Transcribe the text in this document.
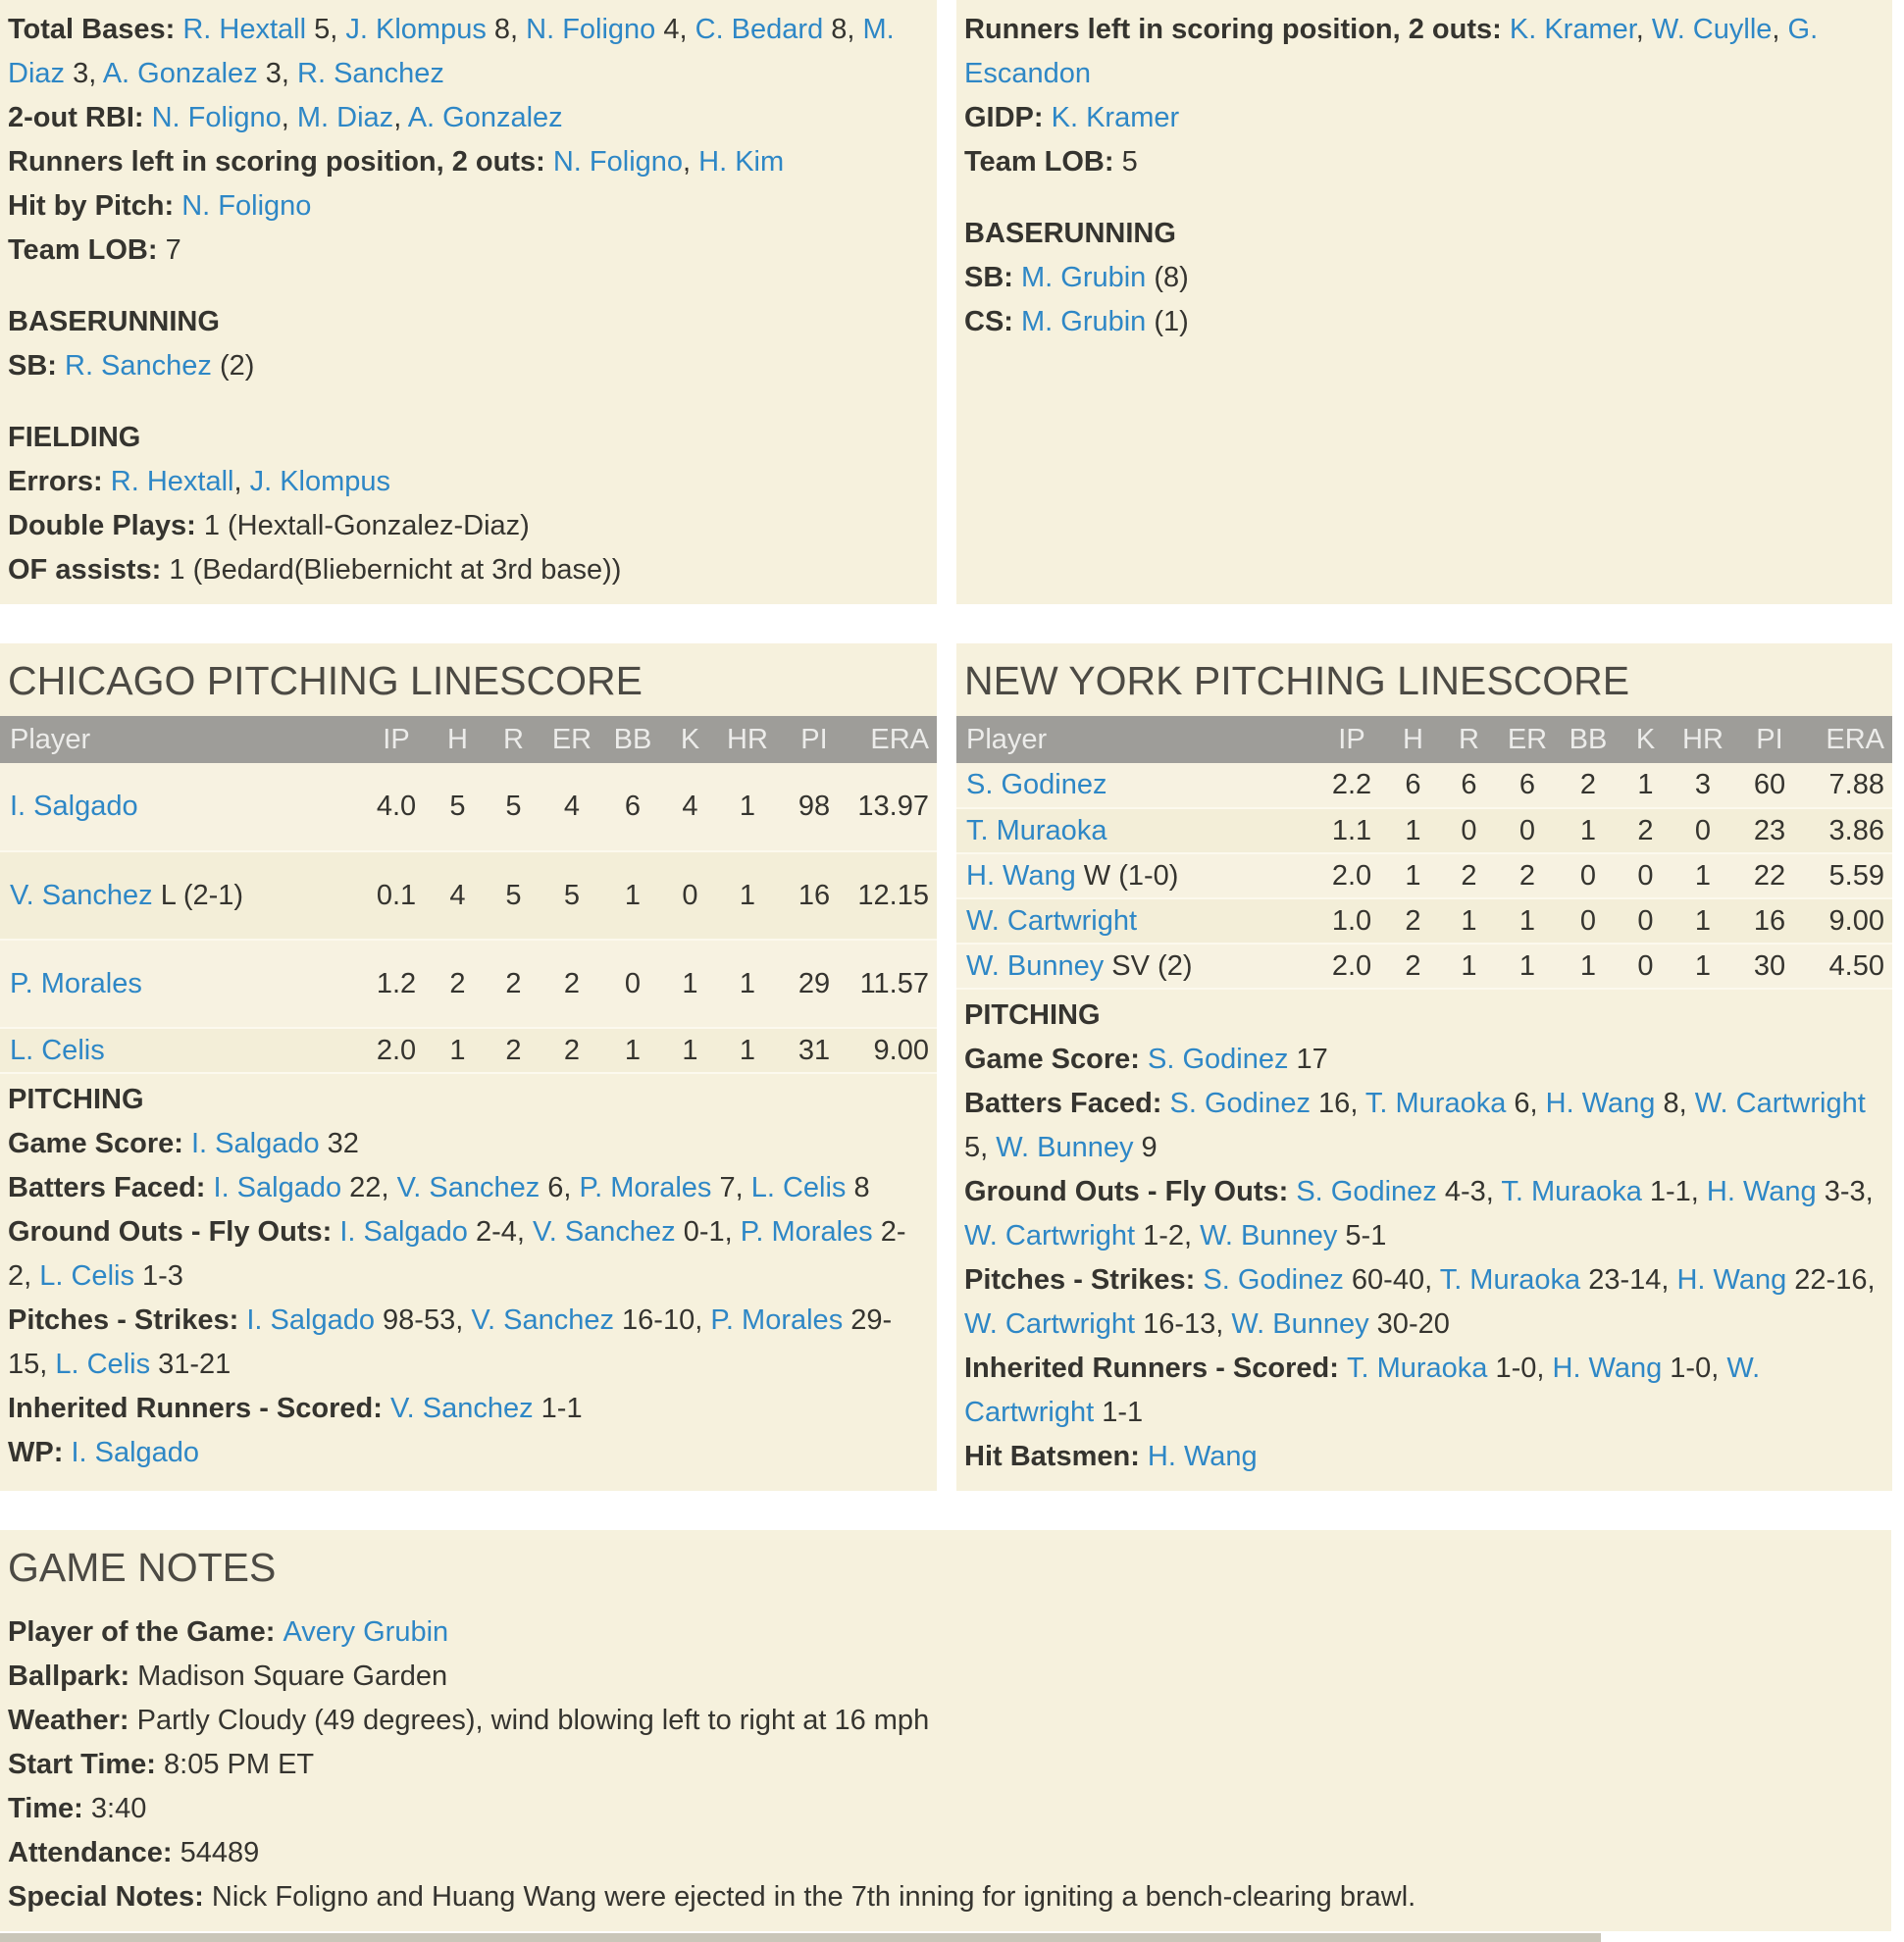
Total Bases: R. Hextall 5, J. Klompus 8, N. Foligno 4, C. Bedard 8, M. Diaz 3, A. Gonzalez 3, R. Sanchez
2-out RBI: N. Foligno, M. Diaz, A. Gonzalez
Runners left in scoring position, 2 outs: N. Foligno, H. Kim
Hit by Pitch: N. Foligno
Team LOB: 7
BASERUNNING
SB: R. Sanchez (2)
FIELDING
Errors: R. Hextall, J. Klompus
Double Plays: 1 (Hextall-Gonzalez-Diaz)
OF assists: 1 (Bedard(Bliebernicht at 3rd base))
Runners left in scoring position, 2 outs: K. Kramer, W. Cuylle, G. Escandon
GIDP: K. Kramer
Team LOB: 5
BASERUNNING
SB: M. Grubin (8)
CS: M. Grubin (1)
CHICAGO PITCHING LINESCORE
Player	IP	H	R	ER	BB	K	HR	PI	ERA
I. Salgado	4.0	5	5	4	6	4	1	98	13.97
V. Sanchez L (2-1)	0.1	4	5	5	1	0	1	16	12.15
P. Morales	1.2	2	2	2	0	1	1	29	11.57
L. Celis	2.0	1	2	2	1	1	1	31	9.00
PITCHING
Game Score: I. Salgado 32
Batters Faced: I. Salgado 22, V. Sanchez 6, P. Morales 7, L. Celis 8
Ground Outs - Fly Outs: I. Salgado 2-4, V. Sanchez 0-1, P. Morales 2-2, L. Celis 1-3
Pitches - Strikes: I. Salgado 98-53, V. Sanchez 16-10, P. Morales 29-15, L. Celis 31-21
Inherited Runners - Scored: V. Sanchez 1-1
WP: I. Salgado
NEW YORK PITCHING LINESCORE
Player	IP	H	R	ER	BB	K	HR	PI	ERA
S. Godinez	2.2	6	6	6	2	1	3	60	7.88
T. Muraoka	1.1	1	0	0	1	2	0	23	3.86
H. Wang W (1-0)	2.0	1	2	2	0	0	1	22	5.59
W. Cartwright	1.0	2	1	1	0	0	1	16	9.00
W. Bunney SV (2)	2.0	2	1	1	1	0	1	30	4.50
PITCHING
Game Score: S. Godinez 17
Batters Faced: S. Godinez 16, T. Muraoka 6, H. Wang 8, W. Cartwright 5, W. Bunney 9
Ground Outs - Fly Outs: S. Godinez 4-3, T. Muraoka 1-1, H. Wang 3-3, W. Cartwright 1-2, W. Bunney 5-1
Pitches - Strikes: S. Godinez 60-40, T. Muraoka 23-14, H. Wang 22-16, W. Cartwright 16-13, W. Bunney 30-20
Inherited Runners - Scored: T. Muraoka 1-0, H. Wang 1-0, W. Cartwright 1-1
Hit Batsmen: H. Wang
GAME NOTES
Player of the Game: Avery Grubin
Ballpark: Madison Square Garden
Weather: Partly Cloudy (49 degrees), wind blowing left to right at 16 mph
Start Time: 8:05 PM ET
Time: 3:40
Attendance: 54489
Special Notes: Nick Foligno and Huang Wang were ejected in the 7th inning for igniting a bench-clearing brawl.
